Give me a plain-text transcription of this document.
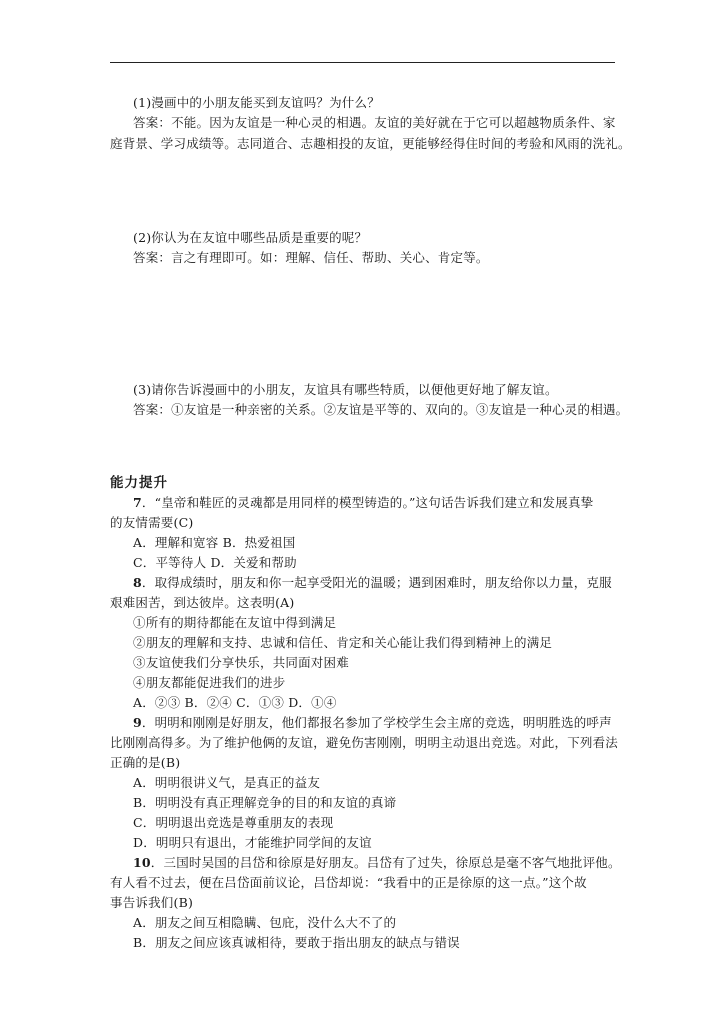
(1)漫画中的小朋友能买到友谊吗？为什么？
答案：不能。因为友谊是一种心灵的相遇。友谊的美好就在于它可以超越物质条件、家
庭背景、学习成绩等。志同道合、志趣相投的友谊，更能够经得住时间的考验和风雨的洗礼。
(2)你认为在友谊中哪些品质是重要的呢？
答案：言之有理即可。如：理解、信任、帮助、关心、肯定等。
(3)请你告诉漫画中的小朋友，友谊具有哪些特质，以便他更好地了解友谊。
答案：①友谊是一种亲密的关系。②友谊是平等的、双向的。③友谊是一种心灵的相遇。
能力提升
7．“皇帝和鞋匠的灵魂都是用同样的模型铸造的。”这句话告诉我们建立和发展真挚
的友情需要(C)
A．理解和宽容 B．热爱祖国
C．平等待人 D．关爱和帮助
8．取得成绩时，朋友和你一起享受阳光的温暖；遇到困难时，朋友给你以力量，克服
艰难困苦，到达彼岸。这表明(A)
①所有的期待都能在友谊中得到满足
②朋友的理解和支持、忠诚和信任、肯定和关心能让我们得到精神上的满足
③友谊使我们分享快乐，共同面对困难
④朋友都能促进我们的进步
A．②③ B．②④ C．①③ D．①④
9．明明和刚刚是好朋友，他们都报名参加了学校学生会主席的竞选，明明胜选的呼声
比刚刚高得多。为了维护他俩的友谊，避免伤害刚刚，明明主动退出竞选。对此，下列看法
正确的是(B)
A．明明很讲义气，是真正的益友
B．明明没有真正理解竞争的目的和友谊的真谛
C．明明退出竞选是尊重朋友的表现
D．明明只有退出，才能维护同学间的友谊
10．三国时吴国的吕岱和徐原是好朋友。吕岱有了过失，徐原总是毫不客气地批评他。
有人看不过去，便在吕岱面前议论，吕岱却说：“我看中的正是徐原的这一点。”这个故
事告诉我们(B)
A．朋友之间互相隐瞒、包庇，没什么大不了的
B．朋友之间应该真诚相待，要敢于指出朋友的缺点与错误
